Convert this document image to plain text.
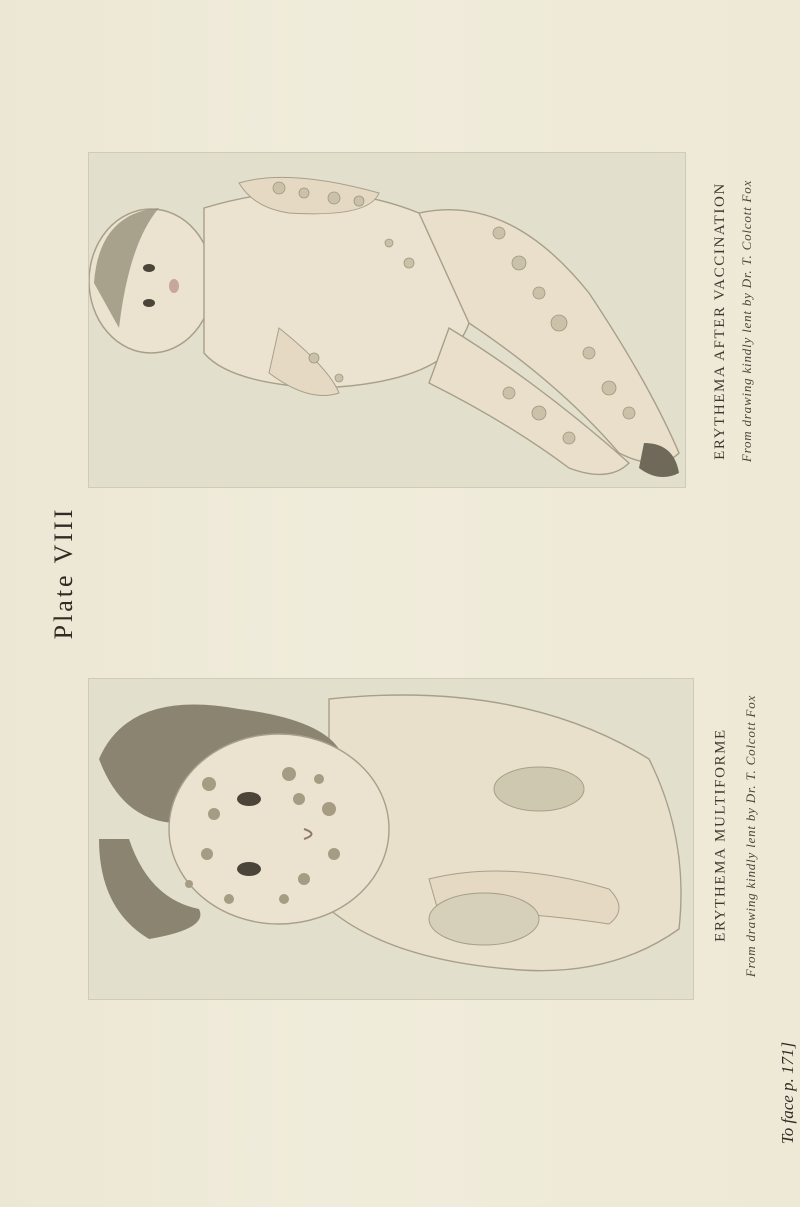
Plate VIII
ERYTHEMA AFTER VACCINATION From drawing kindly lent by Dr. T. Colcott Fox
ERYTHEMA MULTIFORME From drawing kindly lent by Dr. T. Colcott Fox
To face p. 171]
